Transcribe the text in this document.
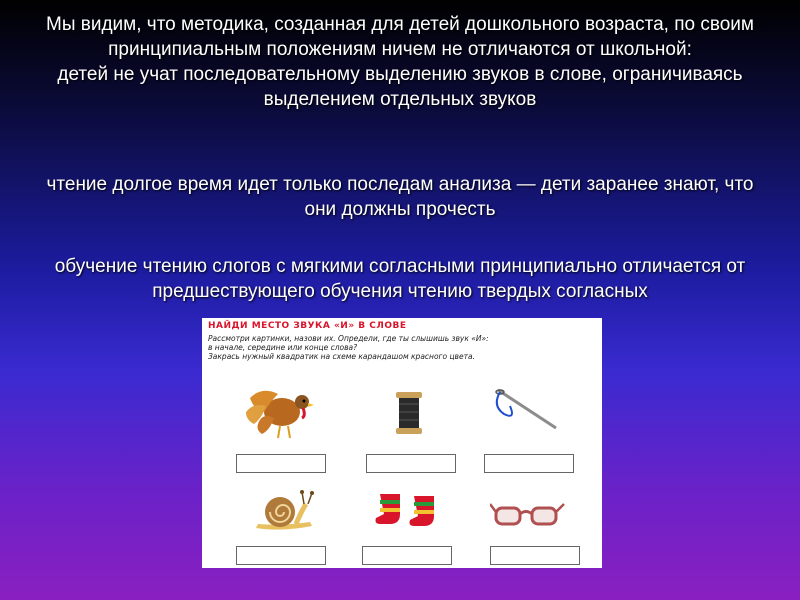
Мы видим, что методика, созданная для детей дошкольного возраста, по своим принципиальным положениям ничем не отличаются от школьной:
детей не учат последовательному выделению звуков в слове, ограничиваясь выделением отдельных звуков
чтение долгое время идет только последам анализа — дети заранее знают, что они должны прочесть
обучение чтению слогов с мягкими согласными принципиально отличается от предшествующего обучения чтению твердых согласных
НАЙДИ МЕСТО ЗВУКА «И» В СЛОВЕ
Рассмотри картинки, назови их. Определи, где ты слышишь звук «И»:
в начале, середине или конце слова?
Закрась нужный квадратик на схеме карандашом красного цвета.
